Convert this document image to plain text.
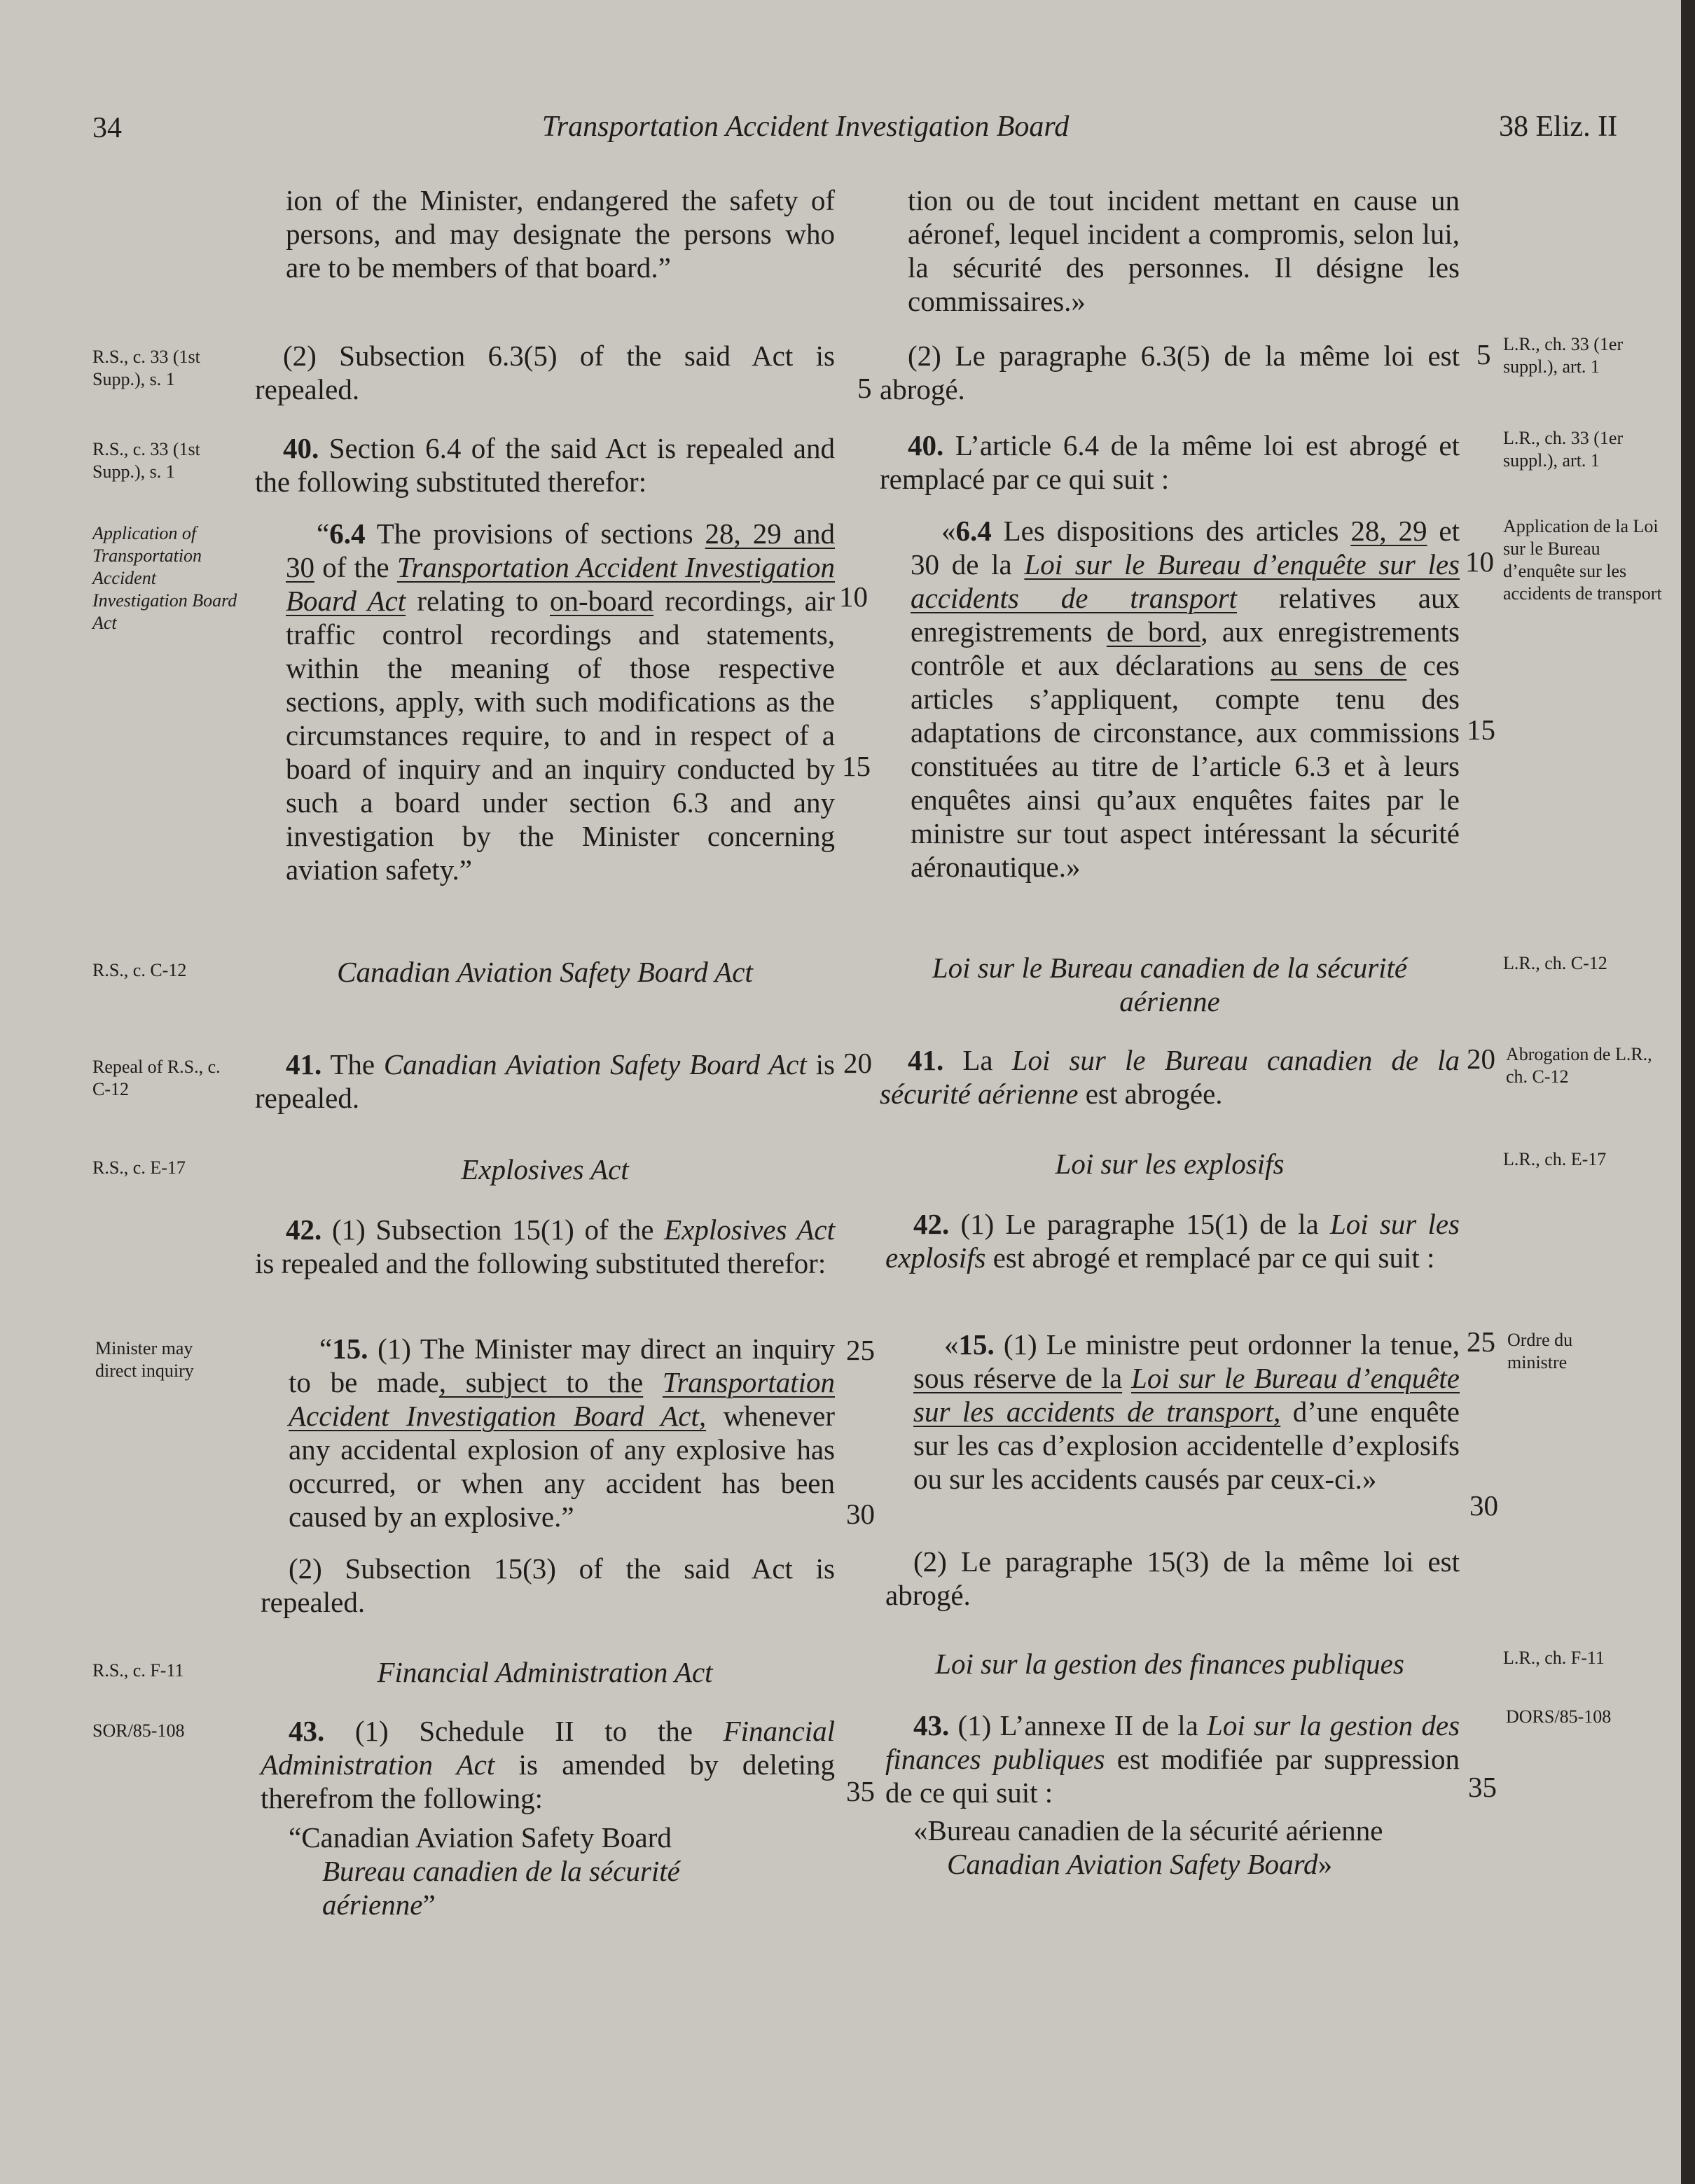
34	Transportation Accident Investigation Board	38 Eliz. II
R.S., c. 33 (1st Supp.), s. 1
R.S., c. 33 (1st Supp.), s. 1
Application of Transportation Accident Investigation Board Act
R.S., c. C-12
Repeal of R.S., c. C-12
R.S., c. E-17
Minister may direct inquiry
R.S., c. F-11
SOR/85-108
L.R., ch. 33 (1er suppl.), art. 1
L.R., ch. 33 (1er suppl.), art. 1
Application de la Loi sur le Bureau d’enquête sur les accidents de transport
L.R., ch. C-12
Abrogation de L.R., ch. C-12
L.R., ch. E-17
Ordre du ministre
L.R., ch. F-11
DORS/85-108
5
5
10
10
15
15
20	20
25	25
30	30
35	35
ion of the Minister, endangered the safety of persons, and may designate the persons who are to be members of that board.”
(2) Subsection 6.3(5) of the said Act is repealed.
40. Section 6.4 of the said Act is repealed and the following substituted therefor:
“6.4 The provisions of sections 28, 29 and 30 of the Transportation Accident Investigation Board Act relating to on-board recordings, air traffic control recordings and statements, within the meaning of those respective sections, apply, with such modifications as the circumstances require, to and in respect of a board of inquiry and an inquiry conducted by such a board under section 6.3 and any investigation by the Minister concerning aviation safety.”
Canadian Aviation Safety Board Act
41. The Canadian Aviation Safety Board Act is repealed.
Explosives Act
42. (1) Subsection 15(1) of the Explosives Act is repealed and the following substituted therefor:
“15. (1) The Minister may direct an inquiry to be made, subject to the Transportation Accident Investigation Board Act, whenever any accidental explosion of any explosive has occurred, or when any accident has been caused by an explosive.”
(2) Subsection 15(3) of the said Act is repealed.
Financial Administration Act
43. (1) Schedule II to the Financial Administration Act is amended by deleting therefrom the following:
“Canadian Aviation Safety Board
Bureau canadien de la sécurité aérienne”
tion ou de tout incident mettant en cause un aéronef, lequel incident a compromis, selon lui, la sécurité des personnes. Il désigne les commissaires.»
(2) Le paragraphe 6.3(5) de la même loi est abrogé.
40. L’article 6.4 de la même loi est abrogé et remplacé par ce qui suit :
«6.4 Les dispositions des articles 28, 29 et 30 de la Loi sur le Bureau d’enquête sur les accidents de transport relatives aux enregistrements de bord, aux enregistrements contrôle et aux déclarations au sens de ces articles s’appliquent, compte tenu des adaptations de circonstance, aux commissions constituées au titre de l’article 6.3 et à leurs enquêtes ainsi qu’aux enquêtes faites par le ministre sur tout aspect intéressant la sécurité aéronautique.»
Loi sur le Bureau canadien de la sécurité aérienne
41. La Loi sur le Bureau canadien de la sécurité aérienne est abrogée.
Loi sur les explosifs
42. (1) Le paragraphe 15(1) de la Loi sur les explosifs est abrogé et remplacé par ce qui suit :
«15. (1) Le ministre peut ordonner la tenue, sous réserve de la Loi sur le Bureau d’enquête sur les accidents de transport, d’une enquête sur les cas d’explosion accidentelle d’explosifs ou sur les accidents causés par ceux-ci.»
(2) Le paragraphe 15(3) de la même loi est abrogé.
Loi sur la gestion des finances publiques
43. (1) L’annexe II de la Loi sur la gestion des finances publiques est modifiée par suppression de ce qui suit :
«Bureau canadien de la sécurité aérienne
Canadian Aviation Safety Board»
